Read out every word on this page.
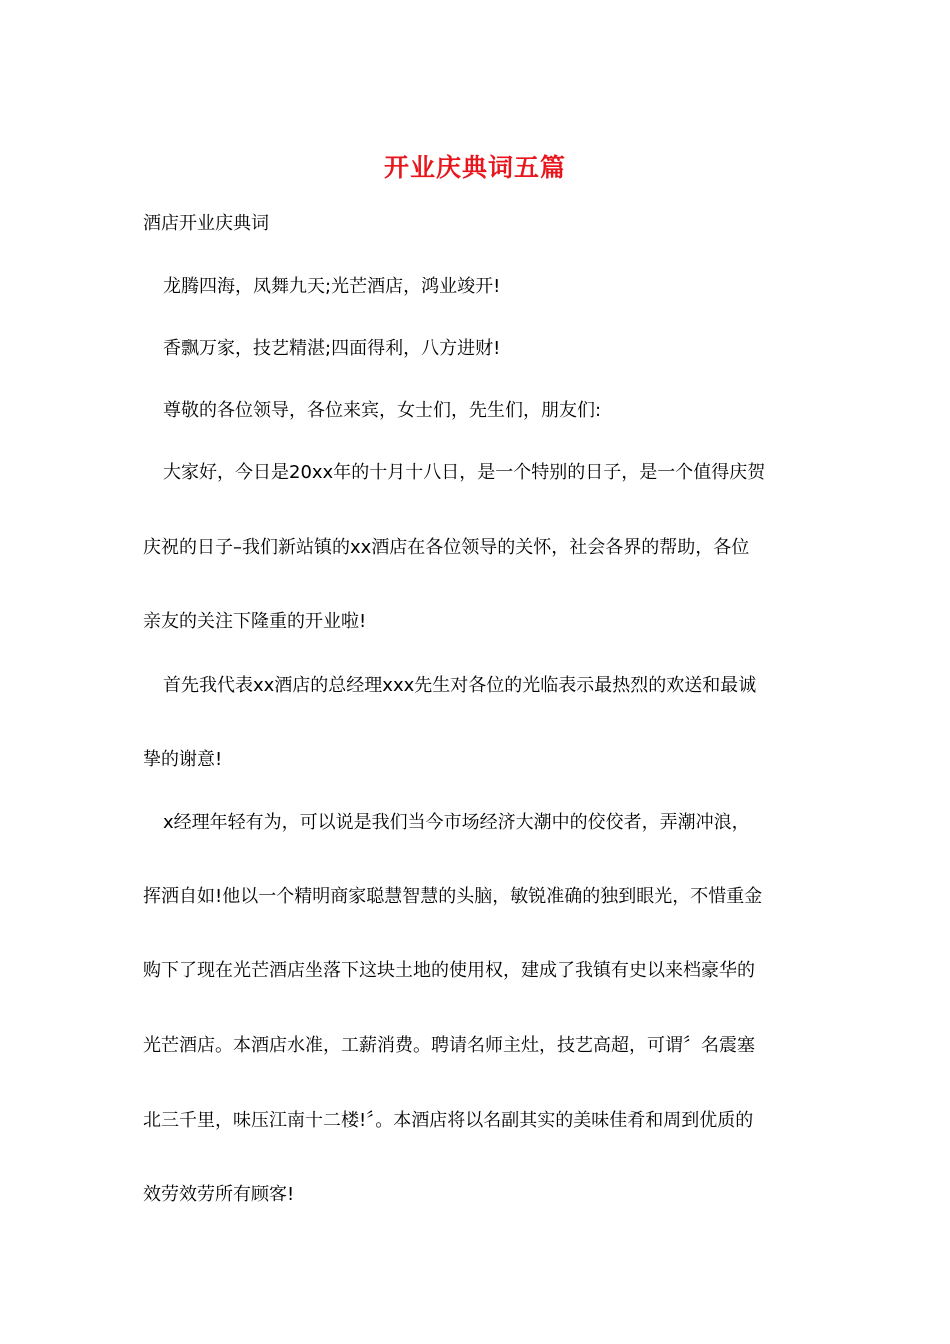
开业庆典词五篇
酒店开业庆典词
龙腾四海，凤舞九天;光芒酒店，鸿业竣开!
香飘万家，技艺精湛;四面得利，八方进财!
尊敬的各位领导，各位来宾，女士们，先生们，朋友们:
大家好，今日是20xx年的十月十八日，是一个特别的日子，是一个值得庆贺
庆祝的日子–我们新站镇的xx酒店在各位领导的关怀，社会各界的帮助，各位
亲友的关注下隆重的开业啦!
首先我代表xx酒店的总经理xxx先生对各位的光临表示最热烈的欢送和最诚
挚的谢意!
x经理年轻有为，可以说是我们当今市场经济大潮中的佼佼者，弄潮冲浪，
挥洒自如!他以一个精明商家聪慧智慧的头脑，敏锐准确的独到眼光，不惜重金
购下了现在光芒酒店坐落下这块土地的使用权，建成了我镇有史以来档豪华的
光芒酒店。本酒店水准，工薪消费。聘请名师主灶，技艺高超，可谓〞名震塞
北三千里，味压江南十二楼!〞。本酒店将以名副其实的美味佳肴和周到优质的
效劳效劳所有顾客!
